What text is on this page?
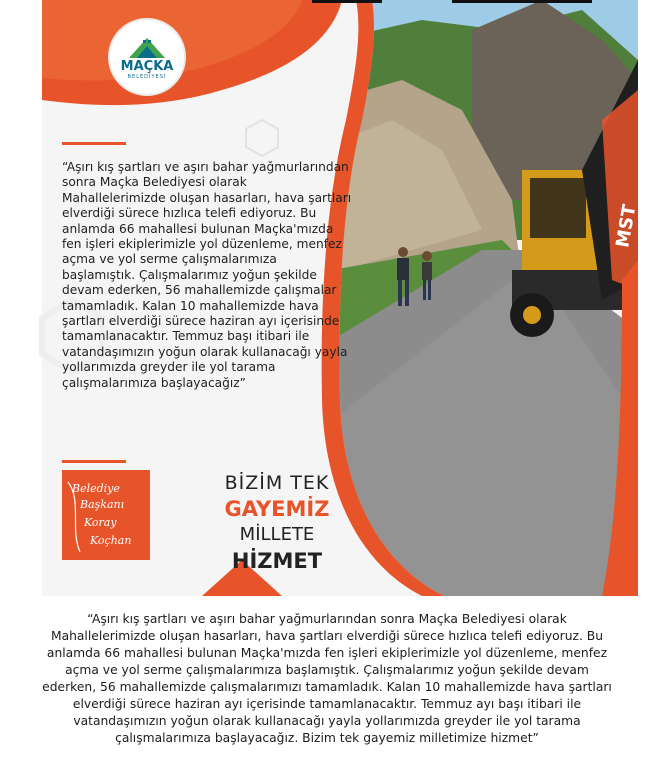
MST
MAÇKA
BELEDİYESİ
“Aşırı kış şartları ve aşırı bahar yağmurlarından sonra Maçka Belediyesi olarak Mahallelerimizde oluşan hasarları, hava şartları elverdiği sürece hızlıca telefi ediyoruz. Bu anlamda 66 mahallesi bulunan Maçka'mızda fen işleri ekiplerimizle yol düzenleme, menfez açma ve yol serme çalışmalarımıza başlamıştık. Çalışmalarımız yoğun şekilde devam ederken, 56 mahallemizde çalışmalar tamamladık. Kalan 10 mahallemizde hava şartları elverdiği sürece haziran ayı içerisinde tamamlanacaktır. Temmuz başı itibari ile vatandaşımızın yoğun olarak kullanacağı yayla yollarımızda greyder ile yol tarama çalışmalarımıza başlayacağız”
Belediye
Başkanı
Koray
Koçhan
BİZİM TEK
GAYEMİZ
MİLLETE
HİZMET
“Aşırı kış şartları ve aşırı bahar yağmurlarından sonra Maçka Belediyesi olarak Mahallelerimizde oluşan hasarları, hava şartları elverdiği sürece hızlıca telefi ediyoruz. Bu anlamda 66 mahallesi bulunan Maçka'mızda fen işleri ekiplerimizle yol düzenleme, menfez açma ve yol serme çalışmalarımıza başlamıştık. Çalışmalarımız yoğun şekilde devam ederken, 56 mahallemizde çalışmalarımızı tamamladık. Kalan 10 mahallemizde hava şartları elverdiği sürece haziran ayı içerisinde tamamlanacaktır. Temmuz ayı başı itibari ile vatandaşımızın yoğun olarak kullanacağı yayla yollarımızda greyder ile yol tarama çalışmalarımıza başlayacağız. Bizim tek gayemiz milletimize hizmet”
